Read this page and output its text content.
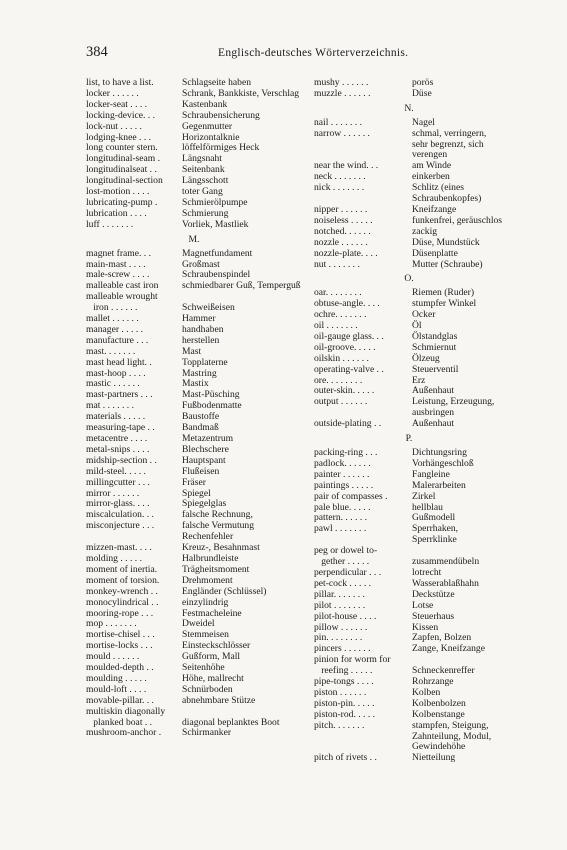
384	Englisch-deutsches Wörterverzeichnis.
list, to have a list.	Schlagseite haben
locker . . . . . .	Schrank, Bankkiste, Verschlag
locker-seat . . . .	Kastenbank
locking-device. . .	Schraubensicherung
lock-nut . . . . .	Gegenmutter
lodging-knee . . .	Horizontalknie
long counter stern.	löffelförmiges Heck
longitudinal-seam .	Längsnaht
longitudinalseat . .	Seitenbank
longitudinal-section	Längsschott
lost-motion . . . .	toter Gang
lubricating-pump .	Schmierölpumpe
lubrication . . . .	Schmierung
luff . . . . . . .	Vorliek, Mastliek
M.
magnet frame. . .	Magnetfundament
main-mast . . . .	Großmast
male-screw . . . .	Schraubenspindel
malleable cast iron	schmiedbarer Guß, Temperguß
malleable wrought
iron . . . . . .	Schweißeisen
mallet . . . . . .	Hammer
manager . . . . .	handhaben
manufacture . . .	herstellen
mast. . . . . . .	Mast
mast head light. .	Topplaterne
mast-hoop . . . .	Mastring
mastic . . . . . .	Mastix
mast-partners . . .	Mast-Püsching
mat . . . . . . .	Fußbodenmatte
materials . . . . .	Baustoffe
measuring-tape . .	Bandmaß
metacentre . . . .	Metazentrum
metal-snips . . . .	Blechschere
midship-section . .	Hauptspant
mild-steel. . . . .	Flußeisen
millingcutter . . .	Fräser
mirror . . . . . .	Spiegel
mirror-glass. . . .	Spiegelglas
miscalculation. . .	falsche Rechnung,
misconjecture . . .	falsche Vermutung Rechenfehler
mizzen-mast. . . .	Kreuz-, Besahnmast
molding . . . . .	Halbrundleiste
moment of inertia.	Trägheitsmoment
moment of torsion.	Drehmoment
monkey-wrench . .	Engländer (Schlüssel)
monocylindrical . .	einzylindrig
mooring-rope . . .	Festmacheleine
mop . . . . . . .	Dweidel
mortise-chisel . . .	Stemmeisen
mortise-locks . . .	Einsteckschlösser
mould . . . . . .	Gußform, Mall
moulded-depth . .	Seitenhöhe
moulding . . . . .	Höhe, mallrecht
mould-loft . . . .	Schnürboden
movable-pillar. . .	abnehmbare Stütze
multiskin diagonally
planked boat . .	diagonal beplanktes Boot
mushroom-anchor .	Schirmanker
mushy . . . . . .	porös
muzzle . . . . . .	Düse
N.
nail . . . . . . .	Nagel
narrow . . . . . .	schmal, verringern, sehr begrenzt, sich verengen
near the wind. . .	am Winde
neck . . . . . . .	einkerben
nick . . . . . . .	Schlitz (eines Schraubenkopfes)
nipper . . . . . .	Kneifzange
noiseless . . . . .	funkenfrei, geräuschlos
notched. . . . . .	zackig
nozzle . . . . . .	Düse, Mundstück
nozzle-plate. . . .	Düsenplatte
nut . . . . . . .	Mutter (Schraube)
O.
oar. . . . . . . .	Riemen (Ruder)
obtuse-angle. . . .	stumpfer Winkel
ochre. . . . . . .	Ocker
oil . . . . . . .	Öl
oil-gauge glass. . .	Ölstandglas
oil-groove. . . . .	Schmiernut
oilskin . . . . . .	Ölzeug
operating-valve . .	Steuerventil
ore. . . . . . . .	Erz
outer-skin. . . . .	Außenhaut
output . . . . . .	Leistung, Erzeugung, ausbringen
outside-plating . .	Außenhaut
P.
packing-ring . . .	Dichtungsring
padlock. . . . . .	Vorhängeschloß
painter . . . . . .	Fangleine
paintings . . . . .	Malerarbeiten
pair of compasses .	Zirkel
pale blue. . . . .	hellblau
pattern. . . . . .	Gußmodell
pawl . . . . . . .	Sperrhaken, Sperrklinke
peg or dowel to-
gether . . . . .	zusammendübeln
perpendicular . . .	lotrecht
pet-cock . . . . .	Wasserablaßhahn
pillar. . . . . . .	Deckstütze
pilot . . . . . . .	Lotse
pilot-house . . . .	Steuerhaus
pillow . . . . . .	Kissen
pin. . . . . . . .	Zapfen, Bolzen
pincers . . . . . .	Zange, Kneifzange
pinion for worm for
reefing . . . . .	Schneckenreffer
pipe-tongs . . . .	Rohrzange
piston . . . . . .	Kolben
piston-pin. . . . .	Kolbenbolzen
piston-rod. . . . .	Kolbenstange
pitch. . . . . . .	stampfen, Steigung, Zahnteilung, Modul, Gewindehöhe
pitch of rivets . .	Nietteilung
